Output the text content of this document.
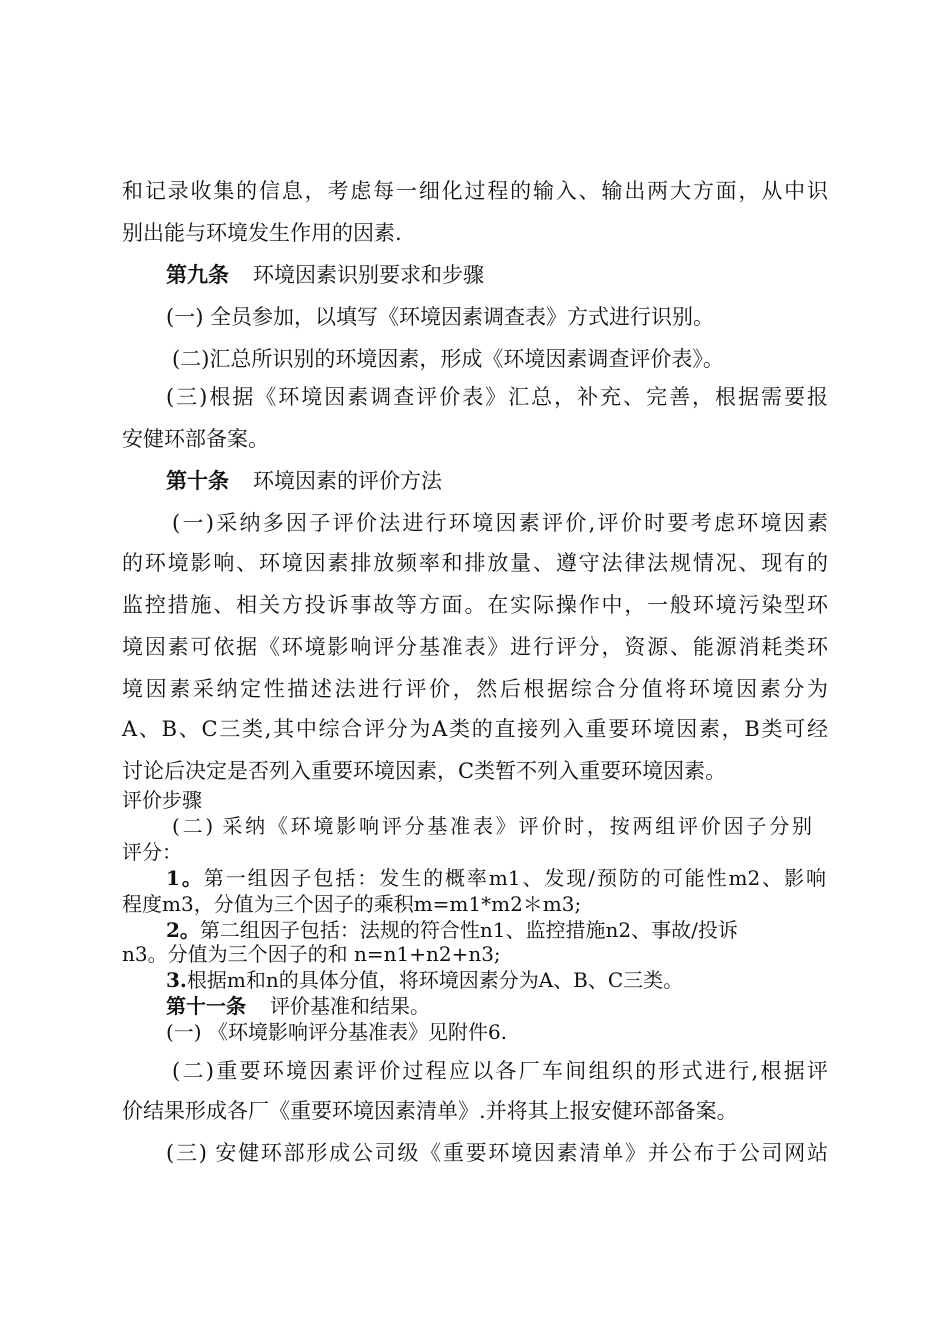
和记录收集的信息，考虑每一细化过程的输入、输出两大方面，从中识
别出能与环境发生作用的因素.
第九条 环境因素识别要求和步骤
(一) 全员参加，以填写《环境因素调查表》方式进行识别。
(二)汇总所识别的环境因素，形成《环境因素调查评价表》。
(三)根据《环境因素调查评价表》汇总，补充、完善，根据需要报
安健环部备案。
第十条 环境因素的评价方法
(一)采纳多因子评价法进行环境因素评价,评价时要考虑环境因素
的环境影响、环境因素排放频率和排放量、遵守法律法规情况、现有的
监控措施、相关方投诉事故等方面。在实际操作中，一般环境污染型环
境因素可依据《环境影响评分基准表》进行评分，资源、能源消耗类环
境因素采纳定性描述法进行评价，然后根据综合分值将环境因素分为
A、B、C三类,其中综合评分为A类的直接列入重要环境因素，B类可经
讨论后决定是否列入重要环境因素，C类暂不列入重要环境因素。
评价步骤
(二) 采纳《环境影响评分基准表》评价时，按两组评价因子分别
评分：
1。第一组因子包括：发生的概率m1、发现/预防的可能性m2、影响
程度m3，分值为三个因子的乘积m=m1*m2＊m3;
2。第二组因子包括：法规的符合性n1、监控措施n2、事故/投诉
n3。分值为三个因子的和 n=n1+n2+n3;
3.根据m和n的具体分值，将环境因素分为A、B、C三类。
第十一条 评价基准和结果。
(一) 《环境影响评分基准表》见附件6.
(二)重要环境因素评价过程应以各厂车间组织的形式进行,根据评
价结果形成各厂《重要环境因素清单》.并将其上报安健环部备案。
(三) 安健环部形成公司级《重要环境因素清单》并公布于公司网站
